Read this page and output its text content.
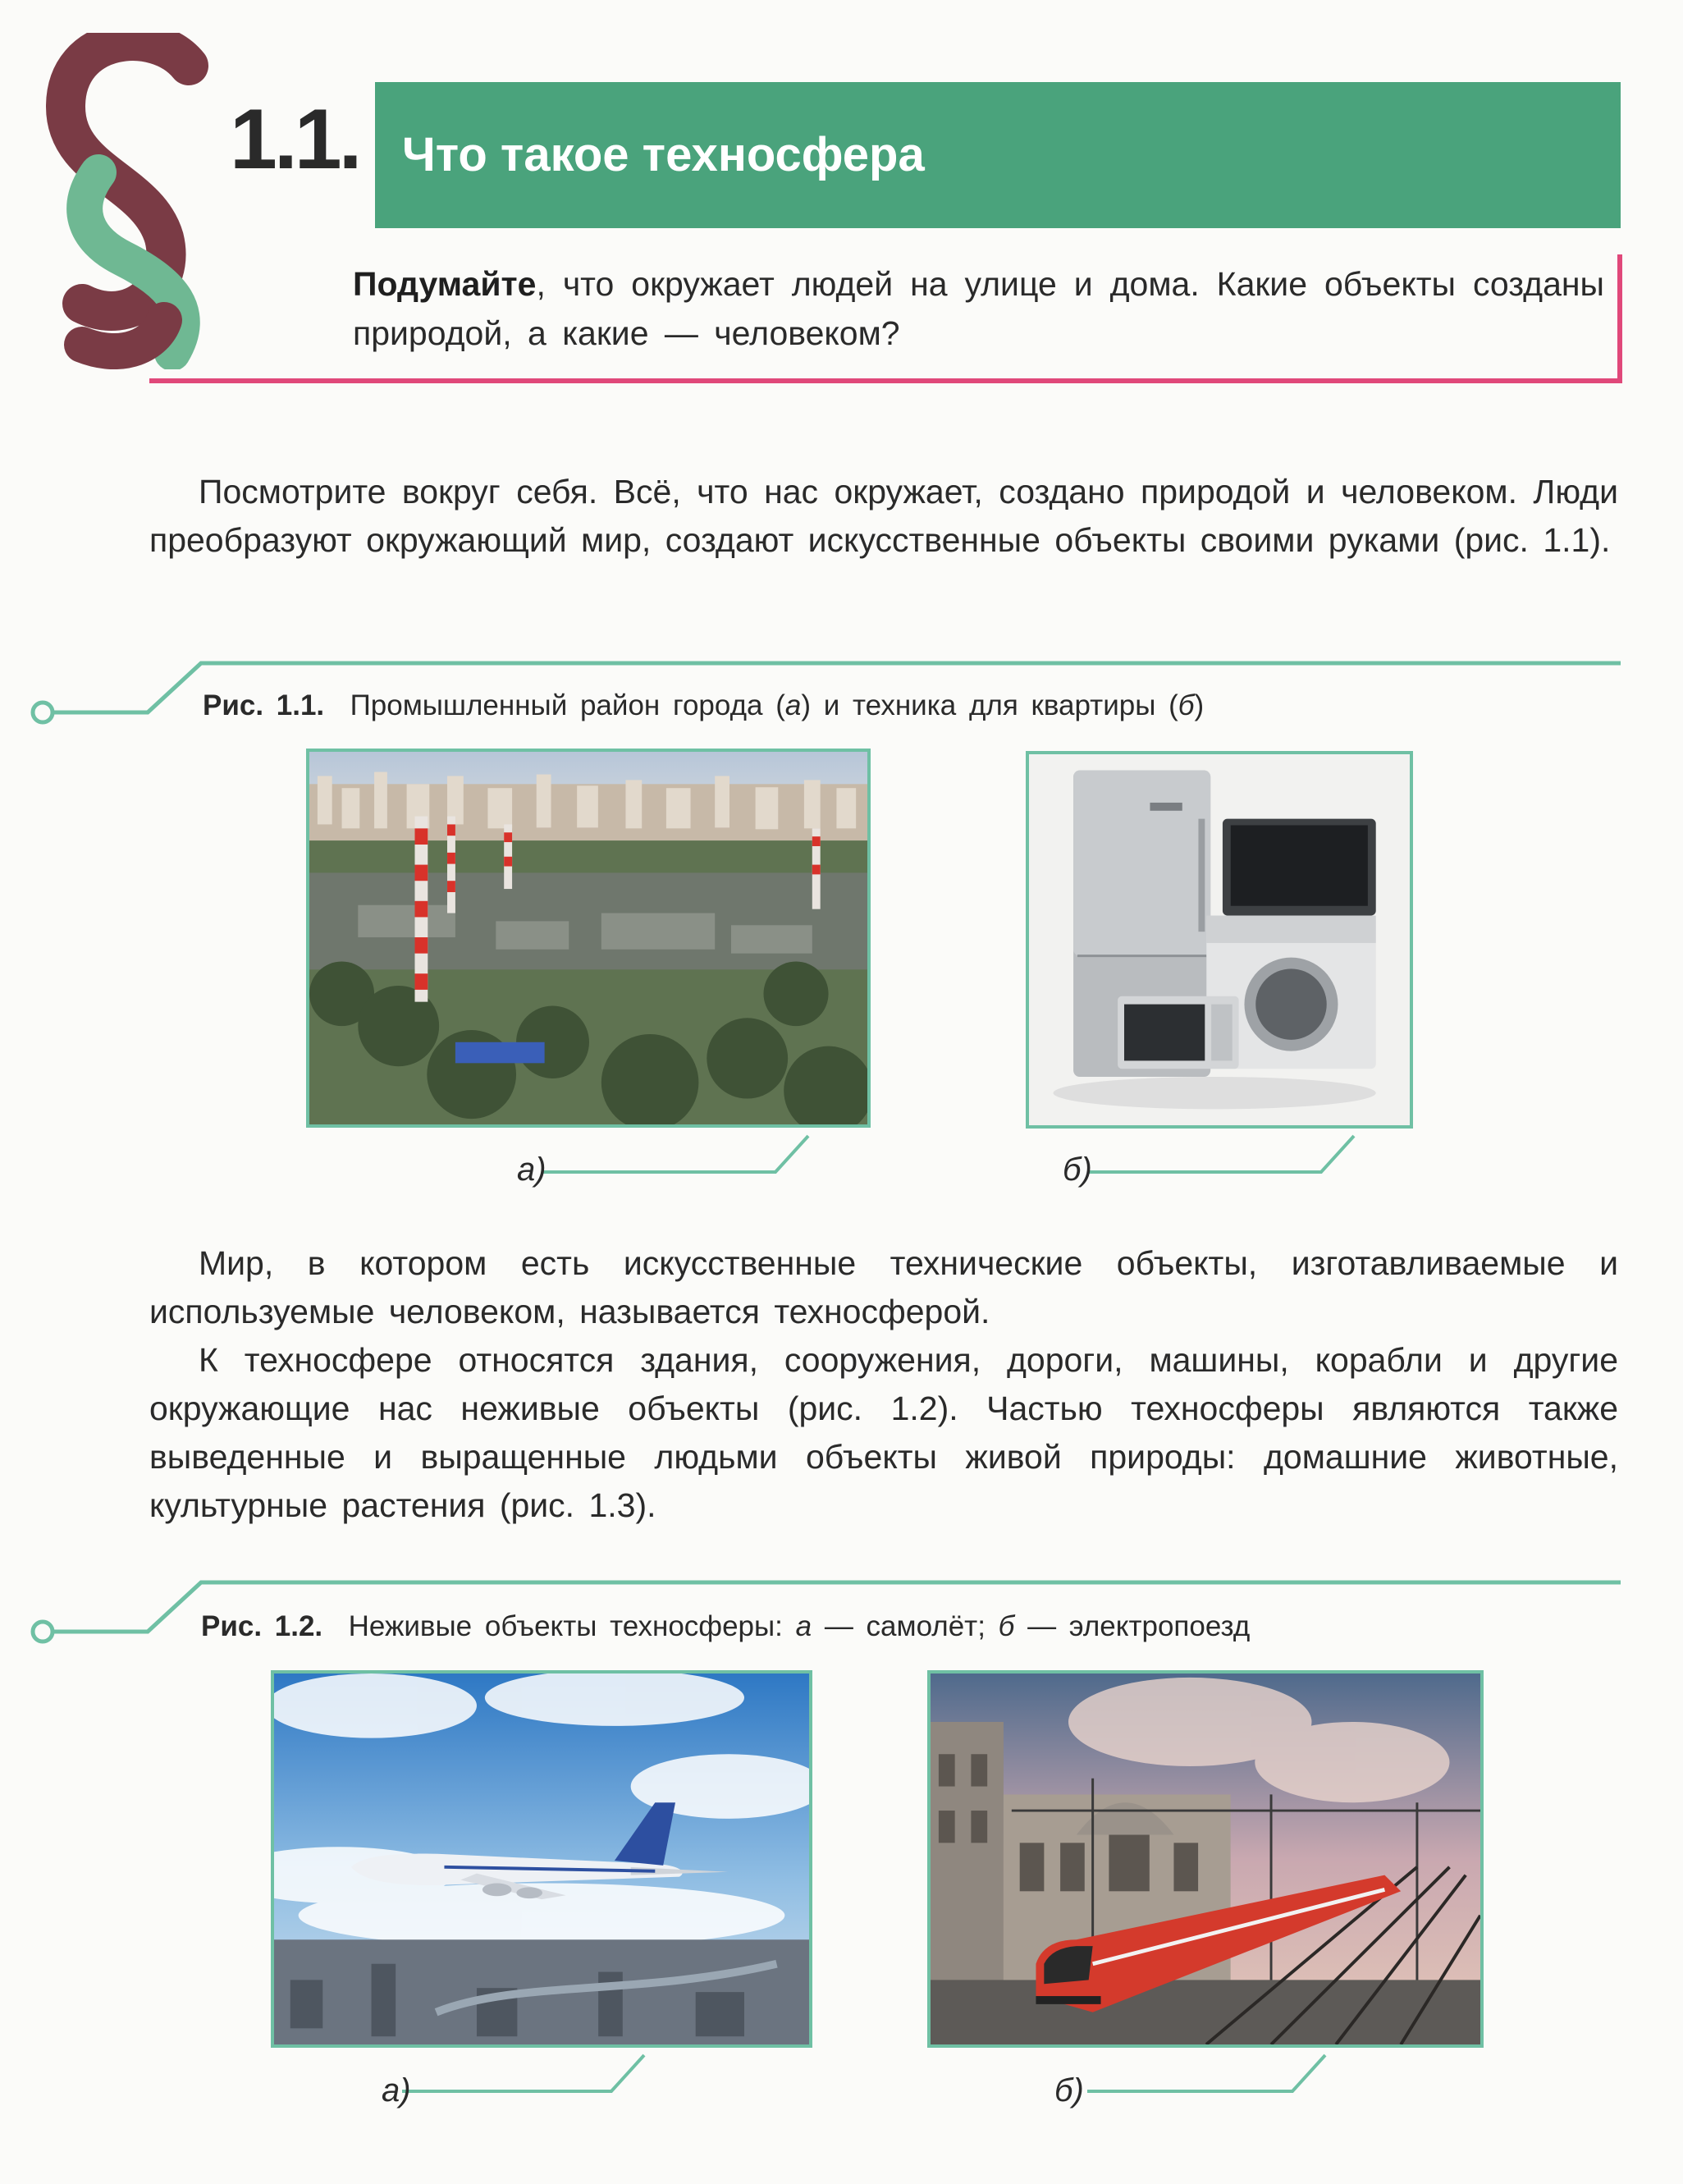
1.1. Что такое техносфера
Подумайте, что окружает людей на улице и дома. Какие объекты созданы природой, а какие — человеком?

Посмотрите вокруг себя. Всё, что нас окружает, создано природой и человеком. Люди преобразуют окружающий мир, создают искусственные объекты своими руками (рис. 1.1).

Рис. 1.1. Промышленный район города (а) и техника для квартиры (б)
а)	б)

Мир, в котором есть искусственные технические объекты, изготавливаемые и используемые человеком, называется техносферой.

К техносфере относятся здания, сооружения, дороги, машины, корабли и другие окружающие нас неживые объекты (рис. 1.2). Частью техносферы являются также выведенные и выращенные людьми объекты живой природы: домашние животные, культурные растения (рис. 1.3).

Рис. 1.2. Неживые объекты техносферы: а — самолёт; б — электропоезд
а)	б)
